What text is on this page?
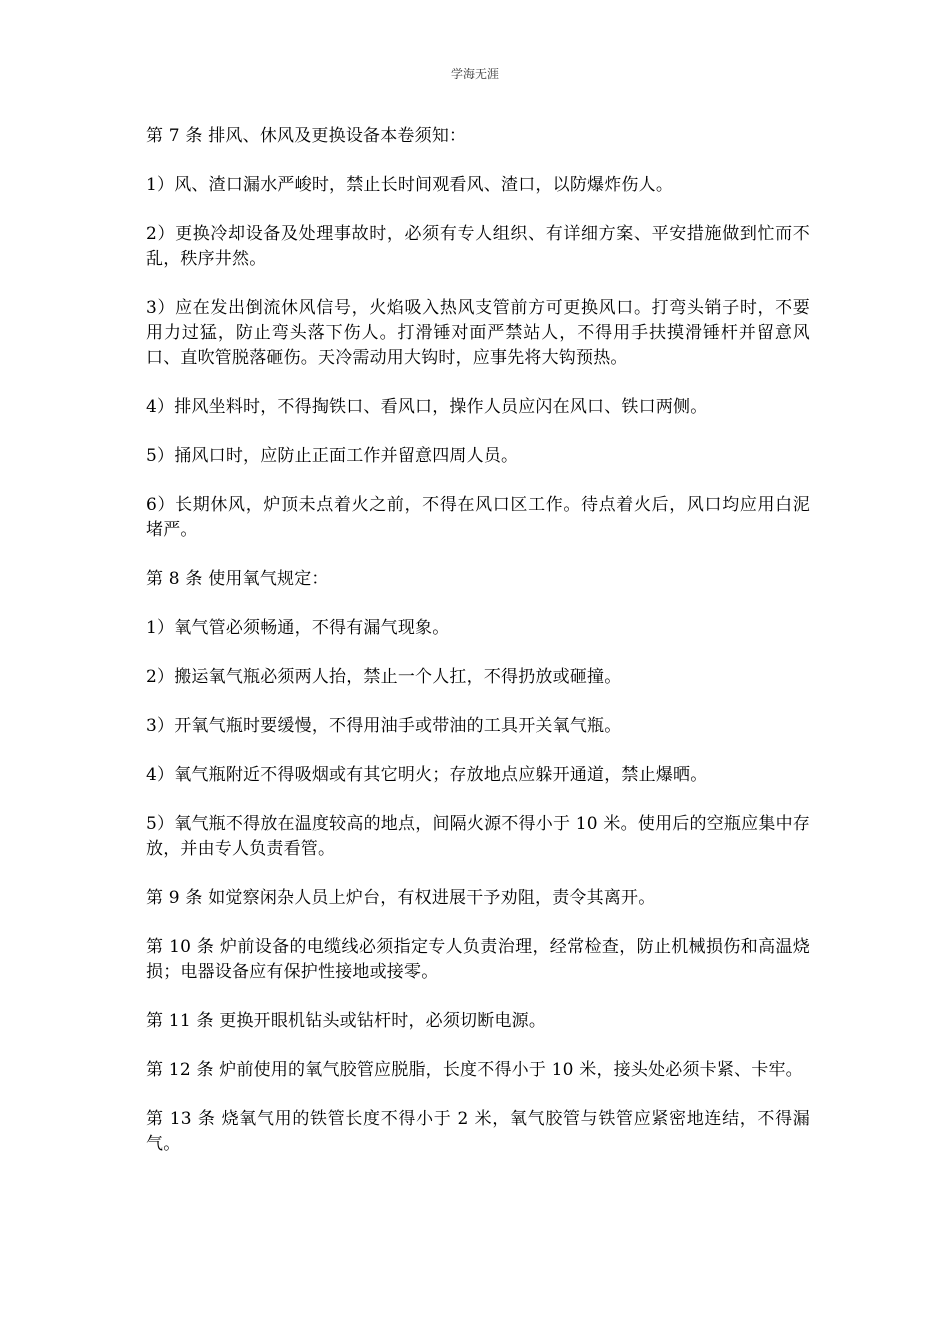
学海无涯

第 7 条 排风、休风及更换设备本卷须知：

1）风、渣口漏水严峻时，禁止长时间观看风、渣口，以防爆炸伤人。

2）更换冷却设备及处理事故时，必须有专人组织、有详细方案、平安措施做到忙而不乱，秩序井然。

3）应在发出倒流休风信号，火焰吸入热风支管前方可更换风口。打弯头销子时，不要用力过猛，防止弯头落下伤人。打滑锤对面严禁站人，不得用手扶摸滑锤杆并留意风口、直吹管脱落砸伤。天冷需动用大钩时，应事先将大钩预热。

4）排风坐料时，不得掏铁口、看风口，操作人员应闪在风口、铁口两侧。

5）捅风口时，应防止正面工作并留意四周人员。

6）长期休风，炉顶未点着火之前，不得在风口区工作。待点着火后，风口均应用白泥堵严。

第 8 条 使用氧气规定：

1）氧气管必须畅通，不得有漏气现象。

2）搬运氧气瓶必须两人抬，禁止一个人扛，不得扔放或砸撞。

3）开氧气瓶时要缓慢，不得用油手或带油的工具开关氧气瓶。

4）氧气瓶附近不得吸烟或有其它明火；存放地点应躲开通道，禁止爆晒。

5）氧气瓶不得放在温度较高的地点，间隔火源不得小于 10 米。使用后的空瓶应集中存放，并由专人负责看管。

第 9 条 如觉察闲杂人员上炉台，有权进展干予劝阻，责令其离开。

第 10 条 炉前设备的电缆线必须指定专人负责治理，经常检查，防止机械损伤和高温烧损；电器设备应有保护性接地或接零。

第 11 条 更换开眼机钻头或钻杆时，必须切断电源。

第 12 条 炉前使用的氧气胶管应脱脂，长度不得小于 10 米，接头处必须卡紧、卡牢。

第 13 条 烧氧气用的铁管长度不得小于 2 米，氧气胶管与铁管应紧密地连结，不得漏气。
